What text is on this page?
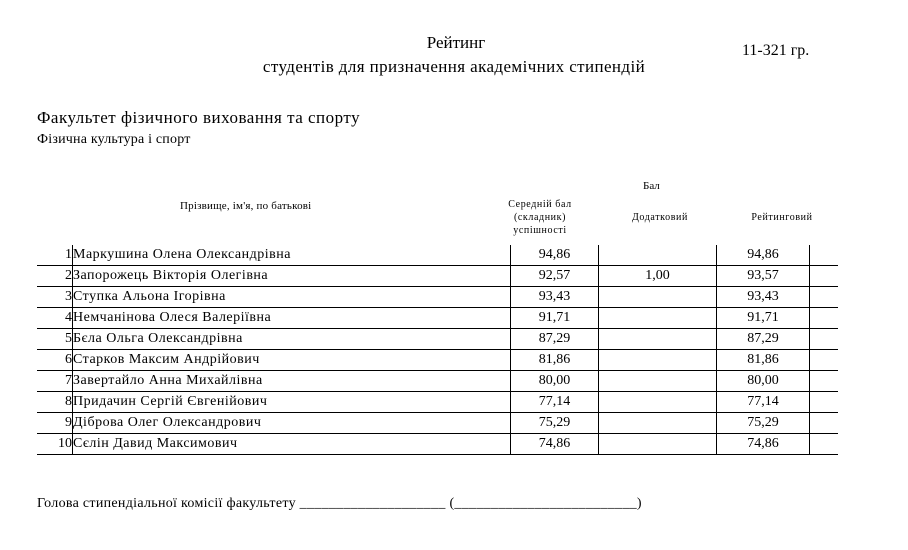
Рейтинг
студентів для призначення академічних стипендій
11-321 гр.
Факультет фізичного виховання та спорту
Фізична культура і спорт
Прізвище, ім'я, по батькові
Бал
Середній бал
(складник)
успішності
Додатковий	Рейтинговий
1	Маркушина Олена Олександрівна	94,86		94,86	
2	Запорожець Вікторія Олегівна	92,57	1,00	93,57	
3	Ступка Альона Ігорівна	93,43		93,43	
4	Немчанінова Олеся Валеріївна	91,71		91,71	
5	Бєла Ольга Олександрівна	87,29		87,29	
6	Старков Максим Андрійович	81,86		81,86	
7	Завертайло Анна Михайлівна	80,00		80,00	
8	Придачин Сергій Євгенійович	77,14		77,14	
9	Діброва Олег Олександрович	75,29		75,29	
10	Сєлін Давид Максимович	74,86		74,86	
Голова стипендіальної комісії факультету ____________________ (_________________________)
